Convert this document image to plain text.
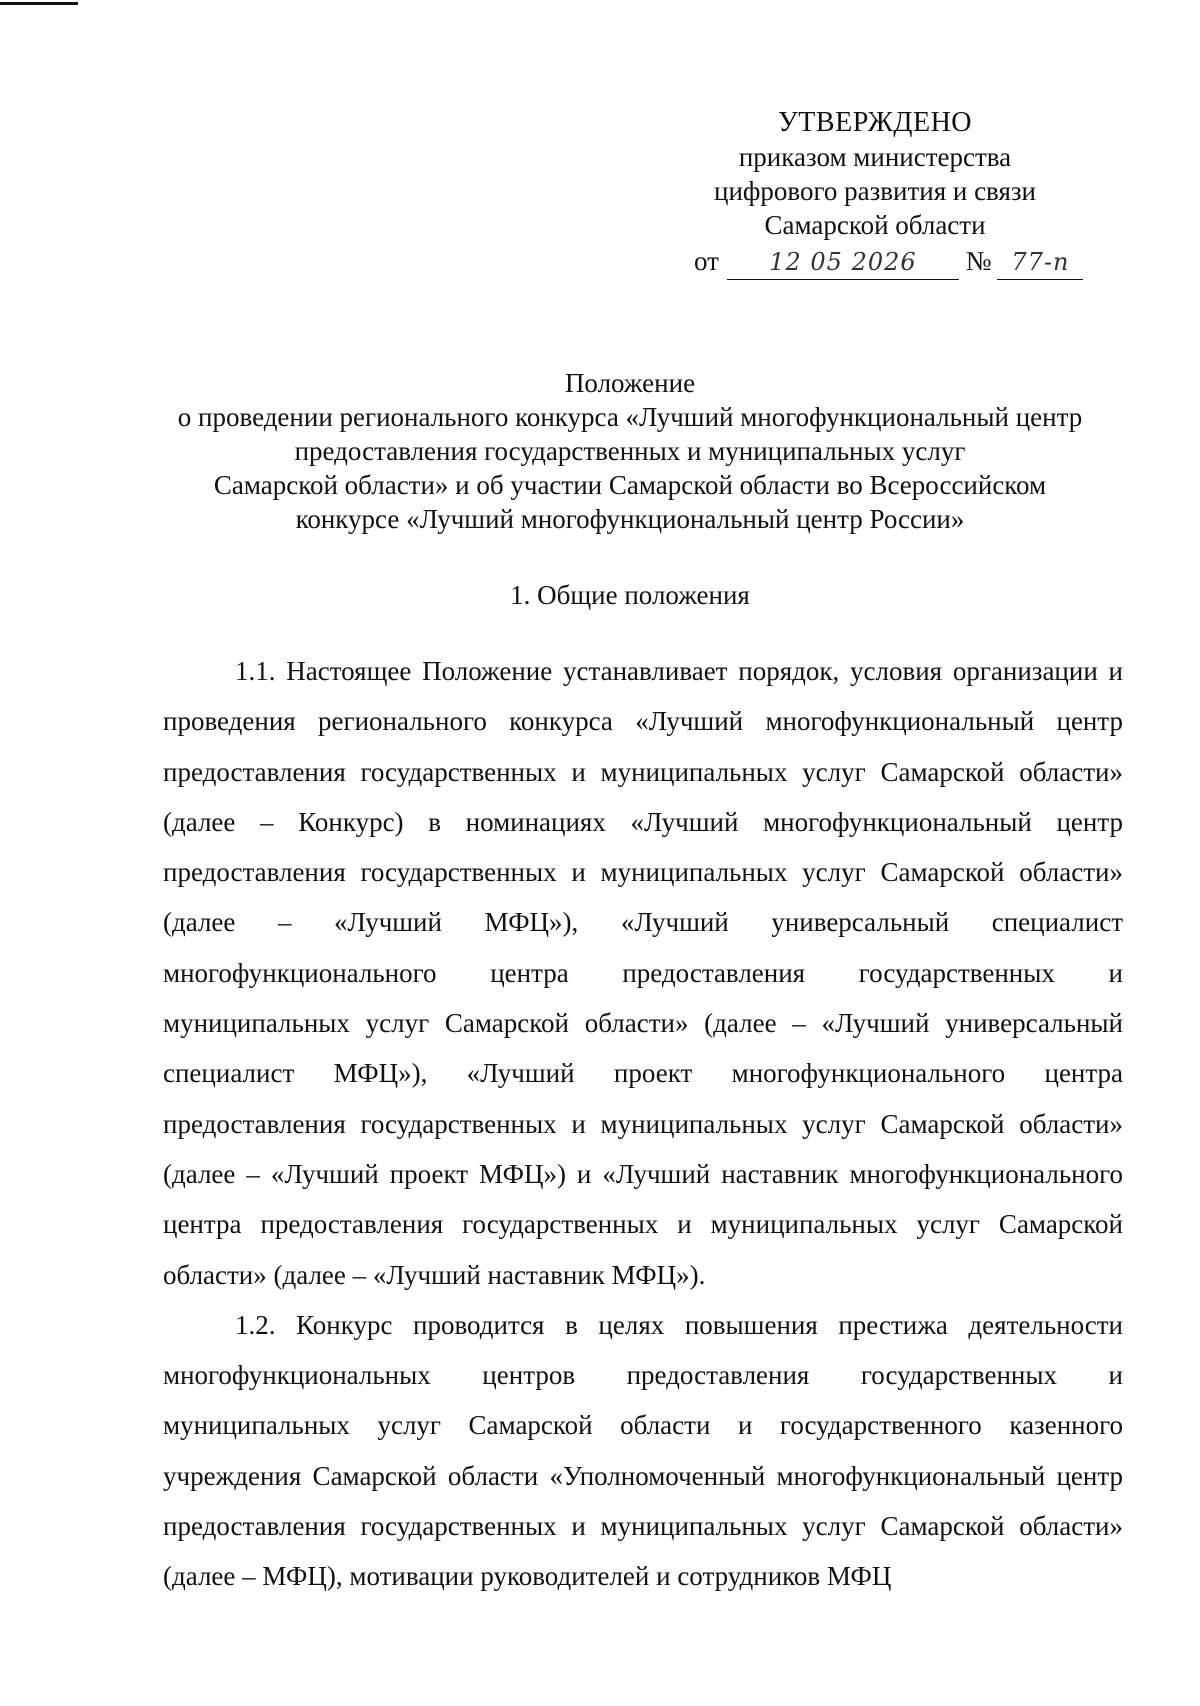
УТВЕРЖДЕНО
приказом министерства
цифрового развития и связи
Самарской области
от 12 05 2026 № 77-п
Положение
о проведении регионального конкурса «Лучший многофункциональный центр
предоставления государственных и муниципальных услуг
Самарской области» и об участии Самарской области во Всероссийском
конкурсе «Лучший многофункциональный центр России»
1. Общие положения

1.1. Настоящее Положение устанавливает порядок, условия организации и проведения регионального конкурса «Лучший многофункциональный центр предоставления государственных и муниципальных услуг Самарской области» (далее – Конкурс) в номинациях «Лучший многофункциональный центр предоставления государственных и муниципальных услуг Самарской области» (далее – «Лучший МФЦ»), «Лучший универсальный специалист многофункционального центра предоставления государственных и муниципальных услуг Самарской области» (далее – «Лучший универсальный специалист МФЦ»), «Лучший проект многофункционального центра предоставления государственных и муниципальных услуг Самарской области» (далее – «Лучший проект МФЦ») и «Лучший наставник многофункционального центра предоставления государственных и муниципальных услуг Самарской области» (далее – «Лучший наставник МФЦ»).

1.2. Конкурс проводится в целях повышения престижа деятельности многофункциональных центров предоставления государственных и муниципальных услуг Самарской области и государственного казенного учреждения Самарской области «Уполномоченный многофункциональный центр предоставления государственных и муниципальных услуг Самарской области» (далее – МФЦ), мотивации руководителей и сотрудников МФЦ
